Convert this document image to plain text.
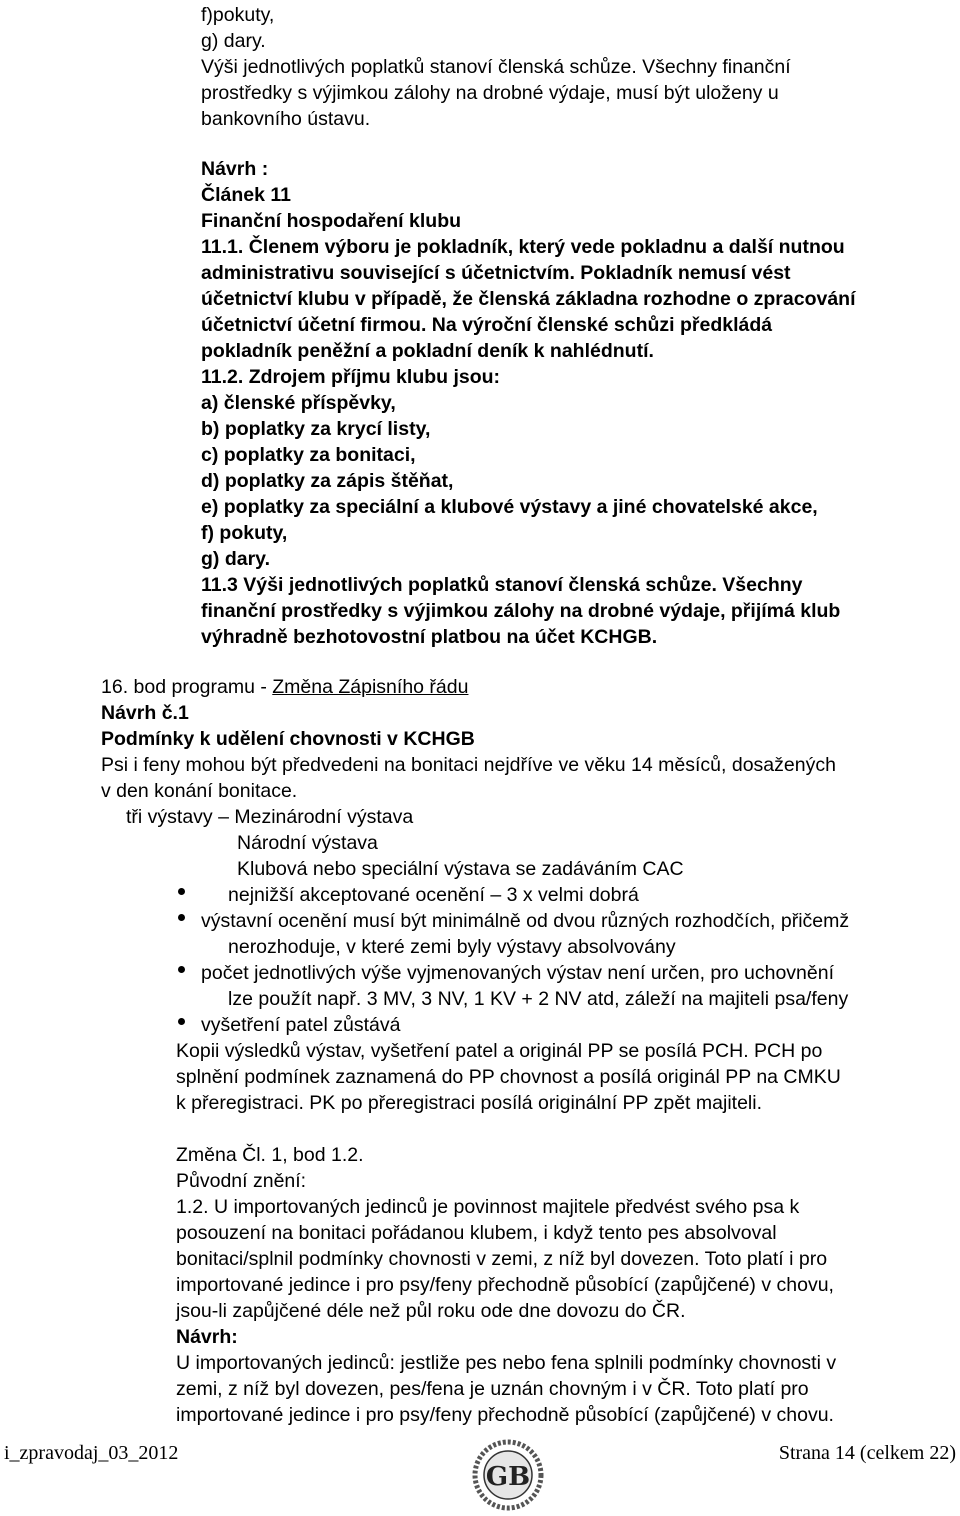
f)pokuty,
g) dary.
Výši jednotlivých poplatků stanoví členská schůze. Všechny finanční
prostředky s výjimkou zálohy na drobné výdaje, musí být uloženy u
bankovního ústavu.
Návrh :
Článek 11
Finanční hospodaření klubu
11.1. Členem výboru je pokladník, který vede pokladnu a další nutnou
administrativu související s účetnictvím. Pokladník nemusí vést
účetnictví klubu v případě, že členská základna rozhodne o zpracování
účetnictví účetní firmou. Na výroční členské schůzi předkládá
pokladník peněžní a pokladní deník k nahlédnutí.
11.2. Zdrojem příjmu klubu jsou:
a) členské příspěvky,
b) poplatky za krycí listy,
c) poplatky za bonitaci,
d) poplatky za zápis štěňat,
e) poplatky za speciální a klubové výstavy a jiné chovatelské akce,
f) pokuty,
g) dary.
11.3 Výši jednotlivých poplatků stanoví členská schůze. Všechny
finanční prostředky s výjimkou zálohy na drobné výdaje, přijímá klub
výhradně bezhotovostní platbou na účet KCHGB.
16. bod programu - Změna Zápisního řádu
Návrh č.1
Podmínky k udělení chovnosti v KCHGB
Psi i feny mohou být předvedeni na bonitaci nejdříve ve věku 14 měsíců, dosažených
v den konání bonitace.
tři výstavy – Mezinárodní výstava
Národní výstava
Klubová nebo speciální výstava se zadáváním CAC
nejnižší akceptované ocenění – 3 x velmi dobrá
výstavní ocenění musí být minimálně od dvou různých rozhodčích, přičemž
nerozhoduje, v které zemi byly výstavy absolvovány
počet jednotlivých výše vyjmenovaných výstav není určen, pro uchovnění
lze použít např. 3 MV, 3 NV, 1 KV + 2 NV atd, záleží na majiteli psa/feny
vyšetření patel zůstává
Kopii výsledků výstav, vyšetření patel a originál PP se posílá PCH. PCH po
splnění podmínek zaznamená do PP chovnost a posílá originál PP na CMKU
k přeregistraci. PK po přeregistraci posílá originální PP zpět majiteli.
Změna Čl. 1, bod 1.2.
Původní znění:
1.2. U importovaných jedinců je povinnost majitele předvést svého psa k
posouzení na bonitaci pořádanou klubem, i když tento pes absolvoval
bonitaci/splnil podmínky chovnosti v zemi, z níž byl dovezen. Toto platí i pro
importované jedince i pro psy/feny přechodně působící (zapůjčené) v chovu,
jsou-li zapůjčené déle než půl roku ode dne dovozu do ČR.
Návrh:
U importovaných jedinců: jestliže pes nebo fena splnili podmínky chovnosti v
zemi, z níž byl dovezen, pes/fena je uznán chovným i v ČR. Toto platí pro
importované jedince i pro psy/feny přechodně působící (zapůjčené) v chovu.
i_zpravodaj_03_2012
GB
Strana 14 (celkem 22)
